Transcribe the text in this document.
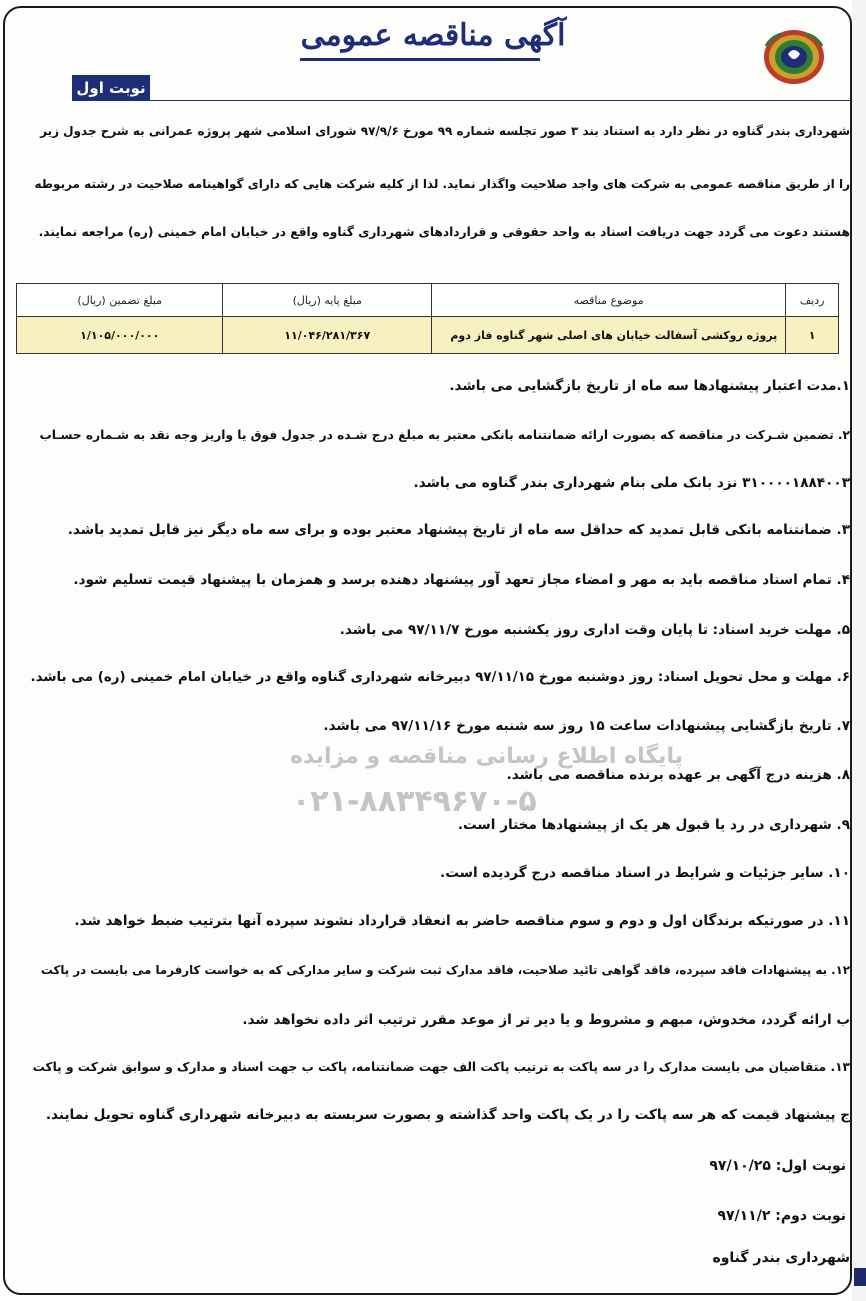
آگهی مناقصه عمومی
نوبت اول
شهرداری بندر گناوه در نظر دارد به استناد بند ۳ صور تجلسه شماره ۹۹ مورخ ۹۷/۹/۶ شورای اسلامی شهر پروژه عمرانی به شرح جدول زیر
را از طریق مناقصه عمومی به شرکت های واجد صلاحیت واگذار نماید. لذا از کلیه شرکت هایی که دارای گواهینامه صلاحیت در رشته مربوطه
هستند دعوت می گردد جهت دریافت اسناد به واحد حقوقی و قراردادهای شهرداری گناوه واقع در خیابان امام خمینی (ره) مراجعه نمایند.
ردیف	موضوع مناقصه	مبلغ پایه (ریال)	مبلغ تضمین (ریال)
۱	پروژه روکشی آسفالت خیابان های اصلی شهر گناوه فاز دوم	۱۱/۰۴۶/۲۸۱/۳۶۷	۱/۱۰۵/۰۰۰/۰۰۰
پایگاه اطلاع رسانی مناقصه و مزایده
۰۲۱-۸۸۳۴۹۶۷۰-۵
۱.مدت اعتبار پیشنهادها سه ماه از تاریخ بازگشایی می باشد.
۲. تضمین شـرکت در مناقصه که بصورت ارائه ضمانتنامه بانکی معتبر به مبلغ درج شـده در جدول فوق یا واریز وجه نقد به شـماره حسـاب
۳۱۰۰۰۰۱۸۸۴۰۰۳ نزد بانک ملی بنام شهرداری بندر گناوه می باشد.
۳. ضمانتنامه بانکی قابل تمدید که حداقل سه ماه از تاریخ پیشنهاد معتبر بوده و برای سه ماه دیگر نیز قابل تمدید باشد.
۴. تمام اسناد مناقصه باید به مهر و امضاء مجاز تعهد آور پیشنهاد دهنده برسد و همزمان با پیشنهاد قیمت تسلیم شود.
۵. مهلت خرید اسناد: تا پایان وقت اداری روز یکشنبه مورخ ۹۷/۱۱/۷ می باشد.
۶. مهلت و محل تحویل اسناد: روز دوشنبه مورخ ۹۷/۱۱/۱۵ دبیرخانه شهرداری گناوه واقع در خیابان امام خمینی (ره) می باشد.
۷. تاریخ بازگشایی پیشنهادات ساعت ۱۵ روز سه شنبه مورخ ۹۷/۱۱/۱۶ می باشد.
۸. هزینه درج آگهی بر عهده برنده مناقصه می باشد.
۹. شهرداری در رد یا قبول هر یک از پیشنهادها مختار است.
۱۰. سایر جزئیات و شرایط در اسناد مناقصه درج گردیده است.
۱۱. در صورتیکه برندگان اول و دوم و سوم مناقصه حاضر به انعقاد قرارداد نشوند سپرده آنها بترتیب ضبط خواهد شد.
۱۲. به پیشنهادات فاقد سپرده، فاقد گواهی تائید صلاحیت، فاقد مدارک ثبت شرکت و سایر مدارکی که به خواست کارفرما می بایست در پاکت
ب ارائه گردد، مخدوش، مبهم و مشروط و یا دیر تر از موعد مقرر ترتیب اثر داده نخواهد شد.
۱۳. متقاضیان می بایست مدارک را در سه پاکت به ترتیب پاکت الف جهت ضمانتنامه، پاکت ب جهت اسناد و مدارک و سوابق شرکت و پاکت
ج پیشنهاد قیمت که هر سه پاکت را در یک پاکت واحد گذاشته و بصورت سربسته به دبیرخانه شهرداری گناوه تحویل نمایند.
نوبت اول: ۹۷/۱۰/۲۵
نوبت دوم: ۹۷/۱۱/۲
شهرداری بندر گناوه
